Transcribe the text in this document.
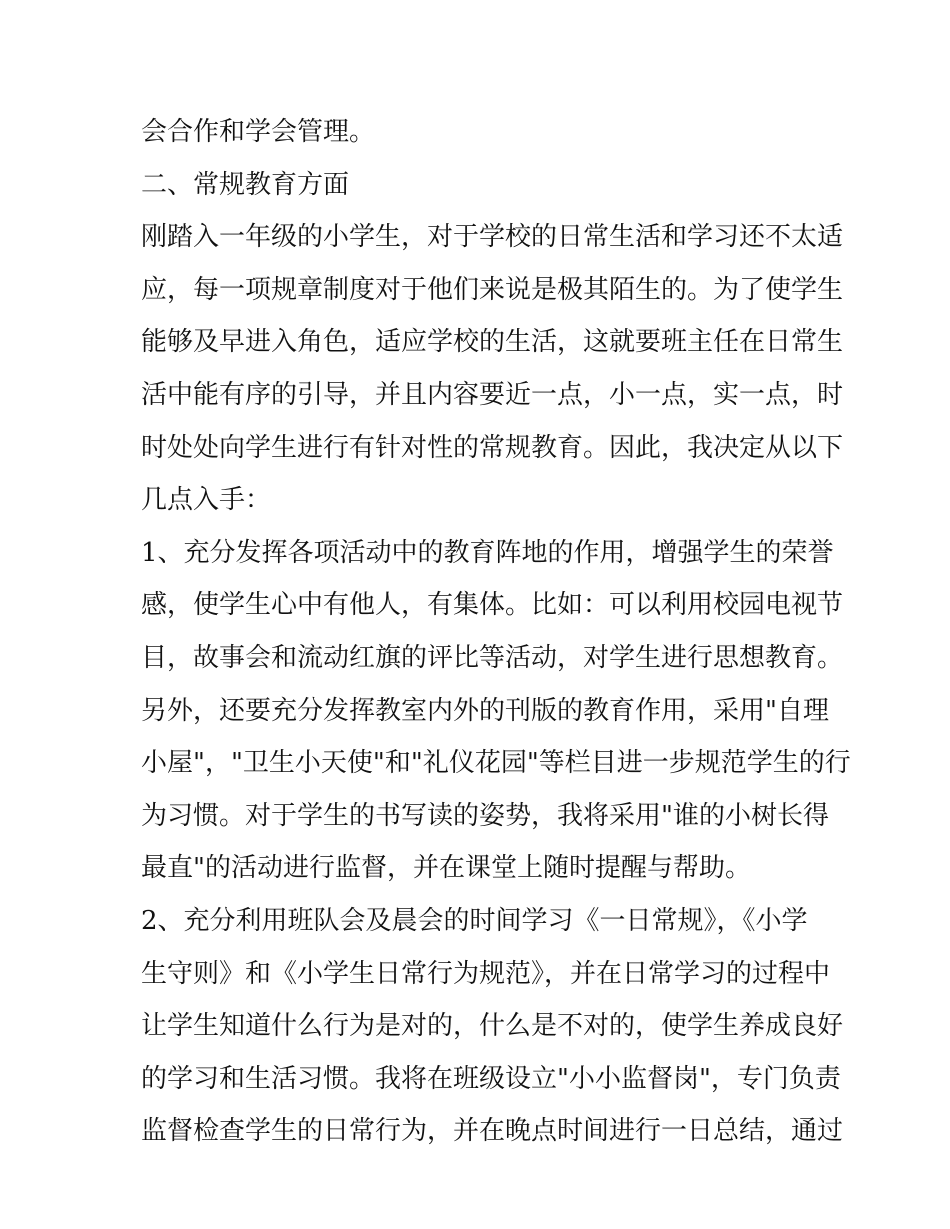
会合作和学会管理。
二、常规教育方面
刚踏入一年级的小学生，对于学校的日常生活和学习还不太适
应，每一项规章制度对于他们来说是极其陌生的。为了使学生
能够及早进入角色，适应学校的生活，这就要班主任在日常生
活中能有序的引导，并且内容要近一点，小一点，实一点，时
时处处向学生进行有针对性的常规教育。因此，我决定从以下
几点入手：
1、充分发挥各项活动中的教育阵地的作用，增强学生的荣誉
感，使学生心中有他人，有集体。比如：可以利用校园电视节
目，故事会和流动红旗的评比等活动，对学生进行思想教育。
另外，还要充分发挥教室内外的刊版的教育作用，采用"自理
小屋"，"卫生小天使"和"礼仪花园"等栏目进一步规范学生的行
为习惯。对于学生的书写读的姿势，我将采用"谁的小树长得
最直"的活动进行监督，并在课堂上随时提醒与帮助。
2、充分利用班队会及晨会的时间学习《一日常规》，《小学
生守则》和《小学生日常行为规范》，并在日常学习的过程中
让学生知道什么行为是对的，什么是不对的，使学生养成良好
的学习和生活习惯。我将在班级设立"小小监督岗"，专门负责
监督检查学生的日常行为，并在晚点时间进行一日总结，通过
